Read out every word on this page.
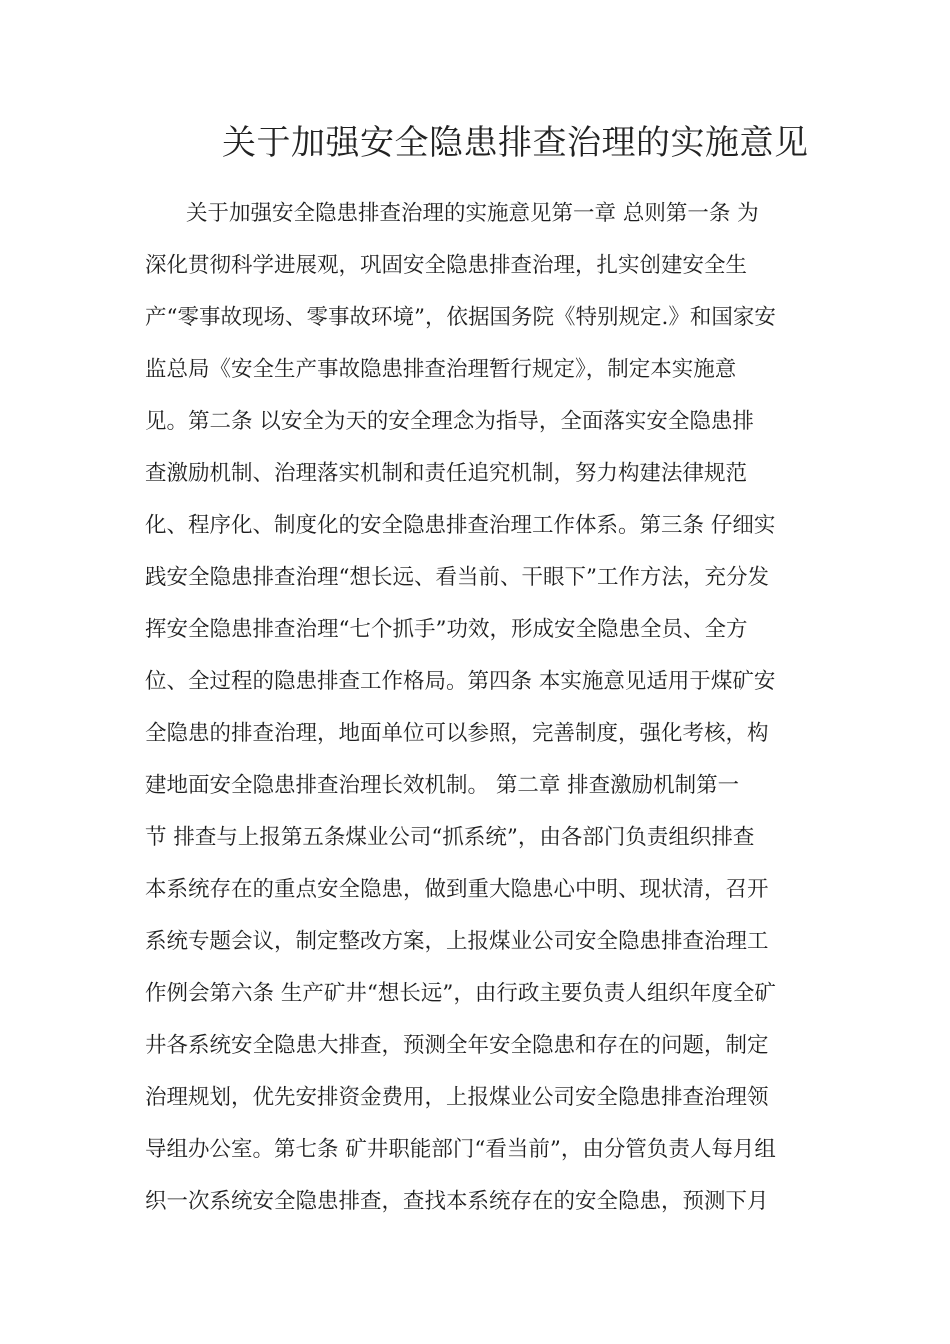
关于加强安全隐患排查治理的实施意见
关于加强安全隐患排查治理的实施意见第一章 总则第一条 为
深化贯彻科学进展观，巩固安全隐患排查治理，扎实创建安全生
产“零事故现场、零事故环境”，依据国务院《特别规定.》和国家安
监总局《安全生产事故隐患排查治理暂行规定》，制定本实施意
见。第二条 以安全为天的安全理念为指导，全面落实安全隐患排
查激励机制、治理落实机制和责任追究机制，努力构建法律规范
化、程序化、制度化的安全隐患排查治理工作体系。第三条 仔细实
践安全隐患排查治理“想长远、看当前、干眼下”工作方法，充分发
挥安全隐患排查治理“七个抓手”功效，形成安全隐患全员、全方
位、全过程的隐患排查工作格局。第四条 本实施意见适用于煤矿安
全隐患的排查治理，地面单位可以参照，完善制度，强化考核，构
建地面安全隐患排查治理长效机制。 第二章 排查激励机制第一
节 排查与上报第五条煤业公司“抓系统”，由各部门负责组织排查
本系统存在的重点安全隐患，做到重大隐患心中明、现状清，召开
系统专题会议，制定整改方案，上报煤业公司安全隐患排查治理工
作例会第六条 生产矿井“想长远”，由行政主要负责人组织年度全矿
井各系统安全隐患大排查，预测全年安全隐患和存在的问题，制定
治理规划，优先安排资金费用，上报煤业公司安全隐患排查治理领
导组办公室。第七条 矿井职能部门“看当前”，由分管负责人每月组
织一次系统安全隐患排查，查找本系统存在的安全隐患，预测下月
